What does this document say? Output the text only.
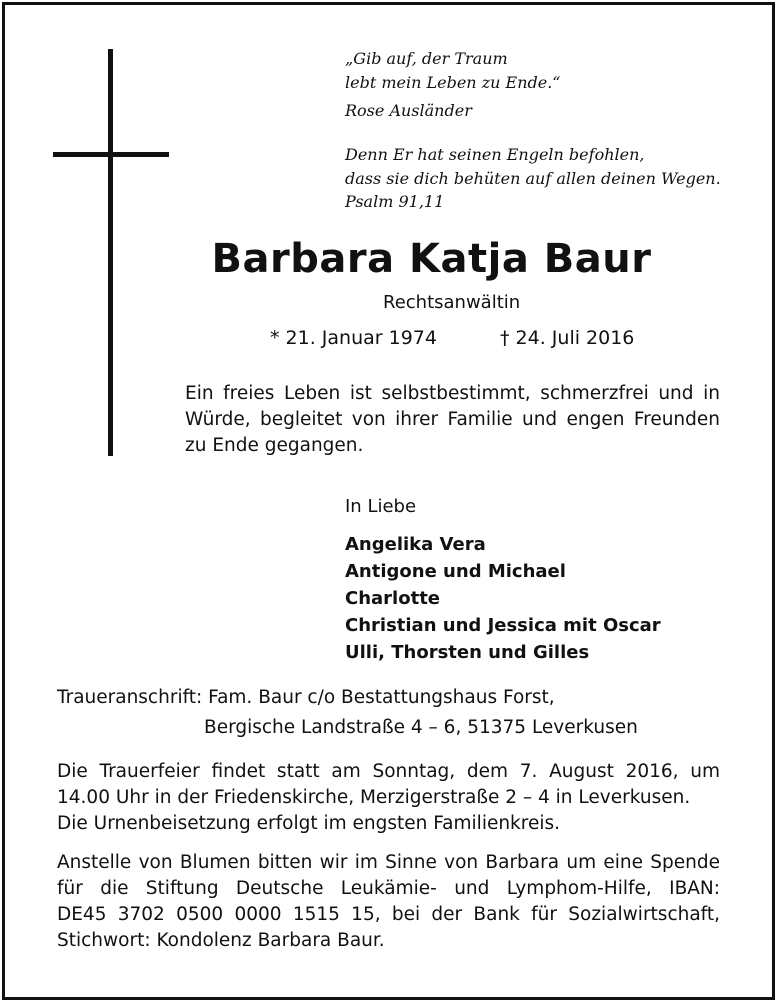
„Gib auf, der Traum
lebt mein Leben zu Ende.“
Rose Ausländer
Denn Er hat seinen Engeln befohlen,
dass sie dich behüten auf allen deinen Wegen.
Psalm 91,11
Barbara Katja Baur
Rechtsanwältin
* 21. Januar 1974	† 24. Juli 2016
Ein freies Leben ist selbstbestimmt, schmerzfrei und in
Würde, begleitet von ihrer Familie und engen Freunden
zu Ende gegangen.
In Liebe
Angelika Vera
Antigone und Michael
Charlotte
Christian und Jessica mit Oscar
Ulli, Thorsten und Gilles
Traueranschrift: Fam. Baur c/o Bestattungshaus Forst,
Bergische Landstraße 4 – 6, 51375 Leverkusen
Die Trauerfeier findet statt am Sonntag, dem 7. August 2016, um
14.00 Uhr in der Friedenskirche, Merzigerstraße 2 – 4 in Leverkusen.
Die Urnenbeisetzung erfolgt im engsten Familienkreis.
Anstelle von Blumen bitten wir im Sinne von Barbara um eine Spende
für die Stiftung Deutsche Leukämie- und Lymphom-Hilfe, IBAN:
DE45 3702 0500 0000 1515 15, bei der Bank für Sozialwirtschaft,
Stichwort: Kondolenz Barbara Baur.
